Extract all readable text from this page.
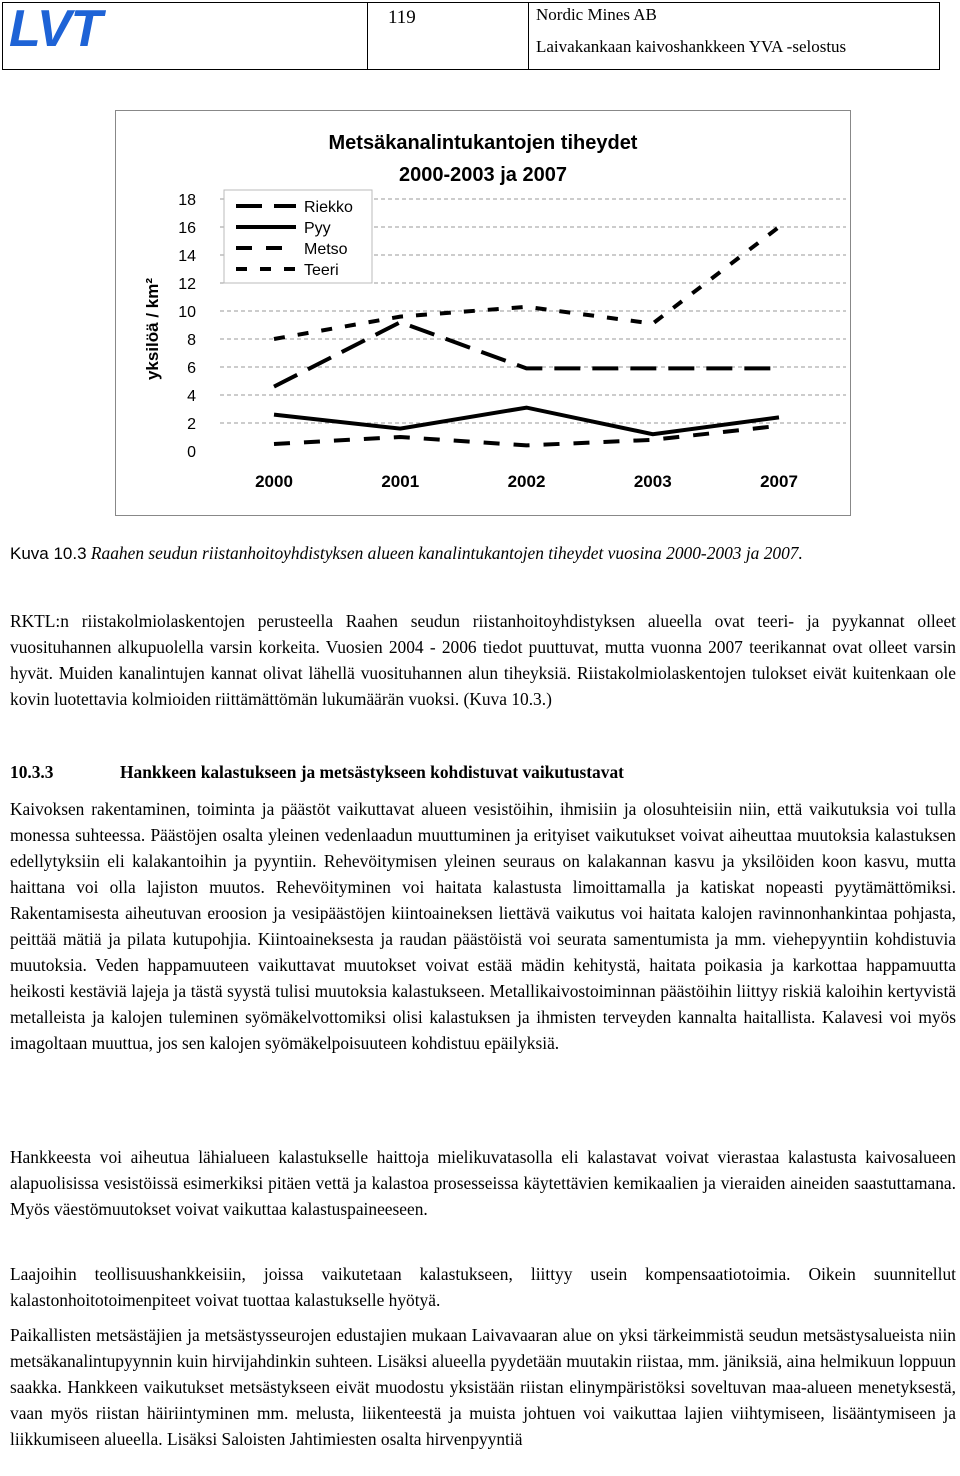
LVT	119	Nordic Mines AB
Laivakankaan kaivoshankkeen YVA -selostus
Metsäkanalintukantojen tiheydet
2000-2003 ja 2007
yksilöä / km²
0
2
4
6
8
10
12
14
16
18
2000	2001	2002	2003	2007
Riekko
Pyy
Metso
Teeri
Kuva 10.3 Raahen seudun riistanhoitoyhdistyksen alueen kanalintukantojen tiheydet vuosina 2000-2003 ja 2007.
RKTL:n riistakolmiolaskentojen perusteella Raahen seudun riistanhoitoyhdistyksen alueella ovat teeri- ja pyykannat olleet vuosituhannen alkupuolella varsin korkeita. Vuosien 2004 - 2006 tiedot puuttuvat, mutta vuonna 2007 teerikannat ovat olleet varsin hyvät. Muiden kanalintujen kannat olivat lähellä vuosituhannen alun tiheyksiä. Riistakolmiolaskentojen tulokset eivät kuitenkaan ole kovin luotettavia kolmioiden riittämättömän lukumäärän vuoksi. (Kuva 10.3.)
10.3.3	Hankkeen kalastukseen ja metsästykseen kohdistuvat vaikutustavat
Kaivoksen rakentaminen, toiminta ja päästöt vaikuttavat alueen vesistöihin, ihmisiin ja olosuhteisiin niin, että vaikutuksia voi tulla monessa suhteessa. Päästöjen osalta yleinen vedenlaadun muuttuminen ja erityiset vaikutukset voivat aiheuttaa muutoksia kalastuksen edellytyksiin eli kalakantoihin ja pyyntiin. Rehevöitymisen yleinen seuraus on kalakannan kasvu ja yksilöiden koon kasvu, mutta haittana voi olla lajiston muutos. Rehevöityminen voi haitata kalastusta limoittamalla ja katiskat nopeasti pyytämättömiksi. Rakentamisesta aiheutuvan eroosion ja vesipäästöjen kiintoaineksen liettävä vaikutus voi haitata kalojen ravinnonhankintaa pohjasta, peittää mätiä ja pilata kutupohjia. Kiintoaineksesta ja raudan päästöistä voi seurata samentumista ja mm. viehepyyntiin kohdistuvia muutoksia. Veden happamuuteen vaikuttavat muutokset voivat estää mädin kehitystä, haitata poikasia ja karkottaa happamuutta heikosti kestäviä lajeja ja tästä syystä tulisi muutoksia kalastukseen. Metallikaivostoiminnan päästöihin liittyy riskiä kaloihin kertyvistä metalleista ja kalojen tuleminen syömäkelvottomiksi olisi kalastuksen ja ihmisten terveyden kannalta haitallista. Kalavesi voi myös imagoltaan muuttua, jos sen kalojen syömäkelpoisuuteen kohdistuu epäilyksiä.
Hankkeesta voi aiheutua lähialueen kalastukselle haittoja mielikuvatasolla eli kalastavat voivat vierastaa kalastusta kaivosalueen alapuolisissa vesistöissä esimerkiksi pitäen vettä ja kalastoa prosesseissa käytettävien kemikaalien ja vieraiden aineiden saastuttamana. Myös väestömuutokset voivat vaikuttaa kalastuspaineeseen.
Laajoihin teollisuushankkeisiin, joissa vaikutetaan kalastukseen, liittyy usein kompensaatiotoimia. Oikein suunnitellut kalastonhoitotoimenpiteet voivat tuottaa kalastukselle hyötyä.
Paikallisten metsästäjien ja metsästysseurojen edustajien mukaan Laivavaaran alue on yksi tärkeimmistä seudun metsästysalueista niin metsäkanalintupyynnin kuin hirvijahdinkin suhteen. Lisäksi alueella pyydetään muutakin riistaa, mm. jäniksiä, aina helmikuun loppuun saakka. Hankkeen vaikutukset metsästykseen eivät muodostu yksistään riistan elinympäristöksi soveltuvan maa-alueen menetyksestä, vaan myös riistan häiriintyminen mm. melusta, liikenteestä ja muista johtuen voi vaikuttaa lajien viihtymiseen, lisääntymiseen ja liikkumiseen alueella. Lisäksi Saloisten Jahtimiesten osalta hirvenpyyntiä
